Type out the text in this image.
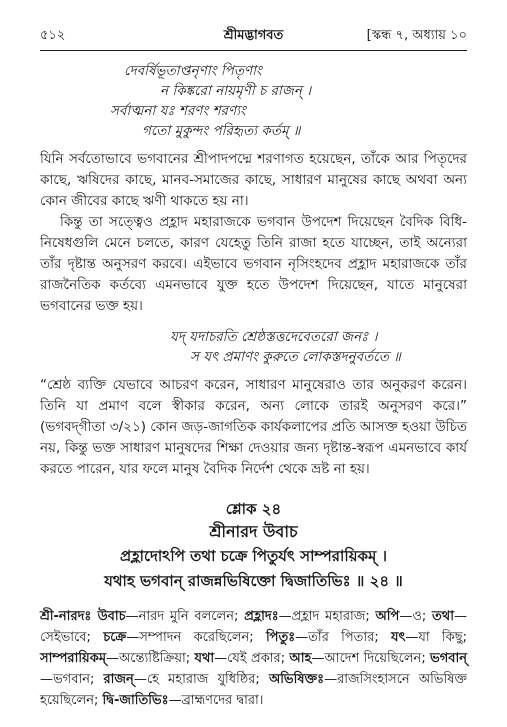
৫১২	শ্রীমদ্ভাগবত	[স্কন্ধ ৭, অধ্যায় ১০
দেবর্ষিভূতাপ্তনৃণাং পিতৃণাং
ন কিঙ্করো নায়মৃণী চ রাজন্ ।
সর্বাত্মনা যঃ শরণং শরণ্যং
গতো মুকুন্দং পরিহৃত্য কর্তম্ ॥

যিনি সর্বতোভাবে ভগবানের শ্রীপাদপদ্মে শরণাগত হয়েছেন, তাঁকে আর পিতৃদের কাছে, ঋষিদের কাছে, মানব-সমাজের কাছে, সাধারণ মানুষের কাছে অথবা অন্য কোন জীবের কাছে ঋণী থাকতে হয় না।

কিন্তু তা সত্ত্বেও প্রহ্লাদ মহারাজকে ভগবান উপদেশ দিয়েছেন বৈদিক বিধি-নিষেধগুলি মেনে চলতে, কারণ যেহেতু তিনি রাজা হতে যাচ্ছেন, তাই অন্যেরা তাঁর দৃষ্টান্ত অনুসরণ করবে। এইভাবে ভগবান নৃসিংহদেব প্রহ্লাদ মহারাজকে তাঁর রাজনৈতিক কর্তব্যে এমনভাবে যুক্ত হতে উপদেশ দিয়েছেন, যাতে মানুষেরা ভগবানের ভক্ত হয়।

যদ্ যদাচরতি শ্রেষ্ঠস্তত্তদেবেতরো জনঃ ।
স যৎ প্রমাণং কুরুতে লোকস্তদনুবর্ততে ॥

“শ্রেষ্ঠ ব্যক্তি যেভাবে আচরণ করেন, সাধারণ মানুষেরাও তার অনুকরণ করেন। তিনি যা প্রমাণ বলে স্বীকার করেন, অন্য লোকে তারই অনুসরণ করে।” (ভগবদ্‌গীতা ৩/২১) কোন জড়-জাগতিক কার্যকলাপের প্রতি আসক্ত হওয়া উচিত নয়, কিন্তু ভক্ত সাধারণ মানুষদের শিক্ষা দেওয়ার জন্য দৃষ্টান্ত-স্বরূপ এমনভাবে কার্য করতে পারেন, যার ফলে মানুষ বৈদিক নির্দেশ থেকে ভ্রষ্ট না হয়।

শ্লোক ২৪
শ্রীনারদ উবাচ
প্রহ্লাদোঽপি তথা চক্রে পিতুর্যৎ সাম্পরায়িকম্ ।
যথাহ ভগবান্ রাজন্নভিষিক্তো দ্বিজাতিভিঃ ॥ ২৪ ॥
শ্রী-নারদঃ উবাচ—নারদ মুনি বললেন; প্রহ্লাদঃ—প্রহ্লাদ মহারাজ; অপি—ও; তথা—সেইভাবে; চক্রে—সম্পাদন করেছিলেন; পিতুঃ—তাঁর পিতার; যৎ—যা কিছু; সাম্পরায়িকম্—অন্ত্যেষ্টিক্রিয়া; যথা—যেই প্রকার; আহ—আদেশ দিয়েছিলেন; ভগবান্—ভগবান; রাজন্—হে মহারাজ যুধিষ্ঠির; অভিষিক্তঃ—রাজসিংহাসনে অভিষিক্ত হয়েছিলেন; দ্বি-জাতিভিঃ—ব্রাহ্মণদের দ্বারা।
